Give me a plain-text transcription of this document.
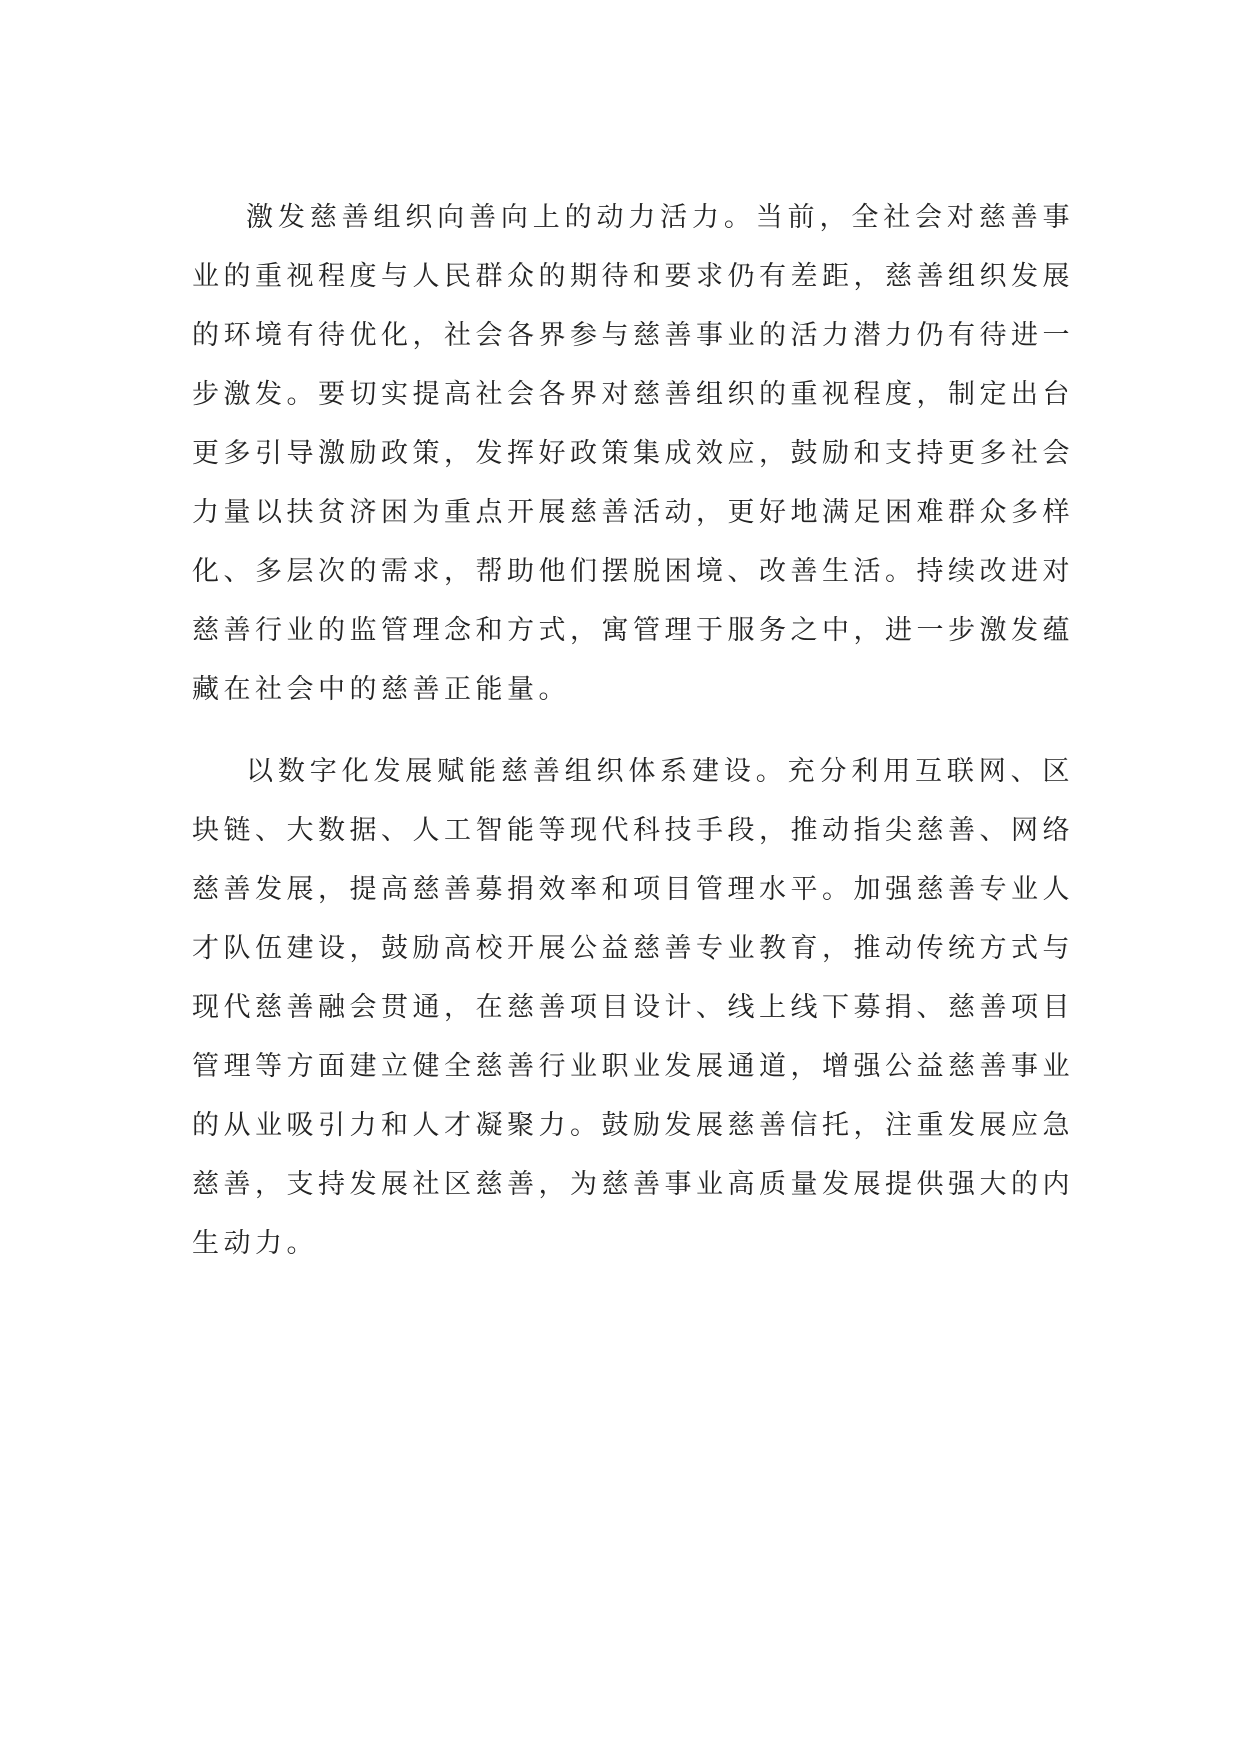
激发慈善组织向善向上的动力活力。当前，全社会对慈善事业的重视程度与人民群众的期待和要求仍有差距，慈善组织发展的环境有待优化，社会各界参与慈善事业的活力潜力仍有待进一步激发。要切实提高社会各界对慈善组织的重视程度，制定出台更多引导激励政策，发挥好政策集成效应，鼓励和支持更多社会力量以扶贫济困为重点开展慈善活动，更好地满足困难群众多样化、多层次的需求，帮助他们摆脱困境、改善生活。持续改进对慈善行业的监管理念和方式，寓管理于服务之中，进一步激发蕴藏在社会中的慈善正能量。

以数字化发展赋能慈善组织体系建设。充分利用互联网、区块链、大数据、人工智能等现代科技手段，推动指尖慈善、网络慈善发展，提高慈善募捐效率和项目管理水平。加强慈善专业人才队伍建设，鼓励高校开展公益慈善专业教育，推动传统方式与现代慈善融会贯通，在慈善项目设计、线上线下募捐、慈善项目管理等方面建立健全慈善行业职业发展通道，增强公益慈善事业的从业吸引力和人才凝聚力。鼓励发展慈善信托，注重发展应急慈善，支持发展社区慈善，为慈善事业高质量发展提供强大的内生动力。
